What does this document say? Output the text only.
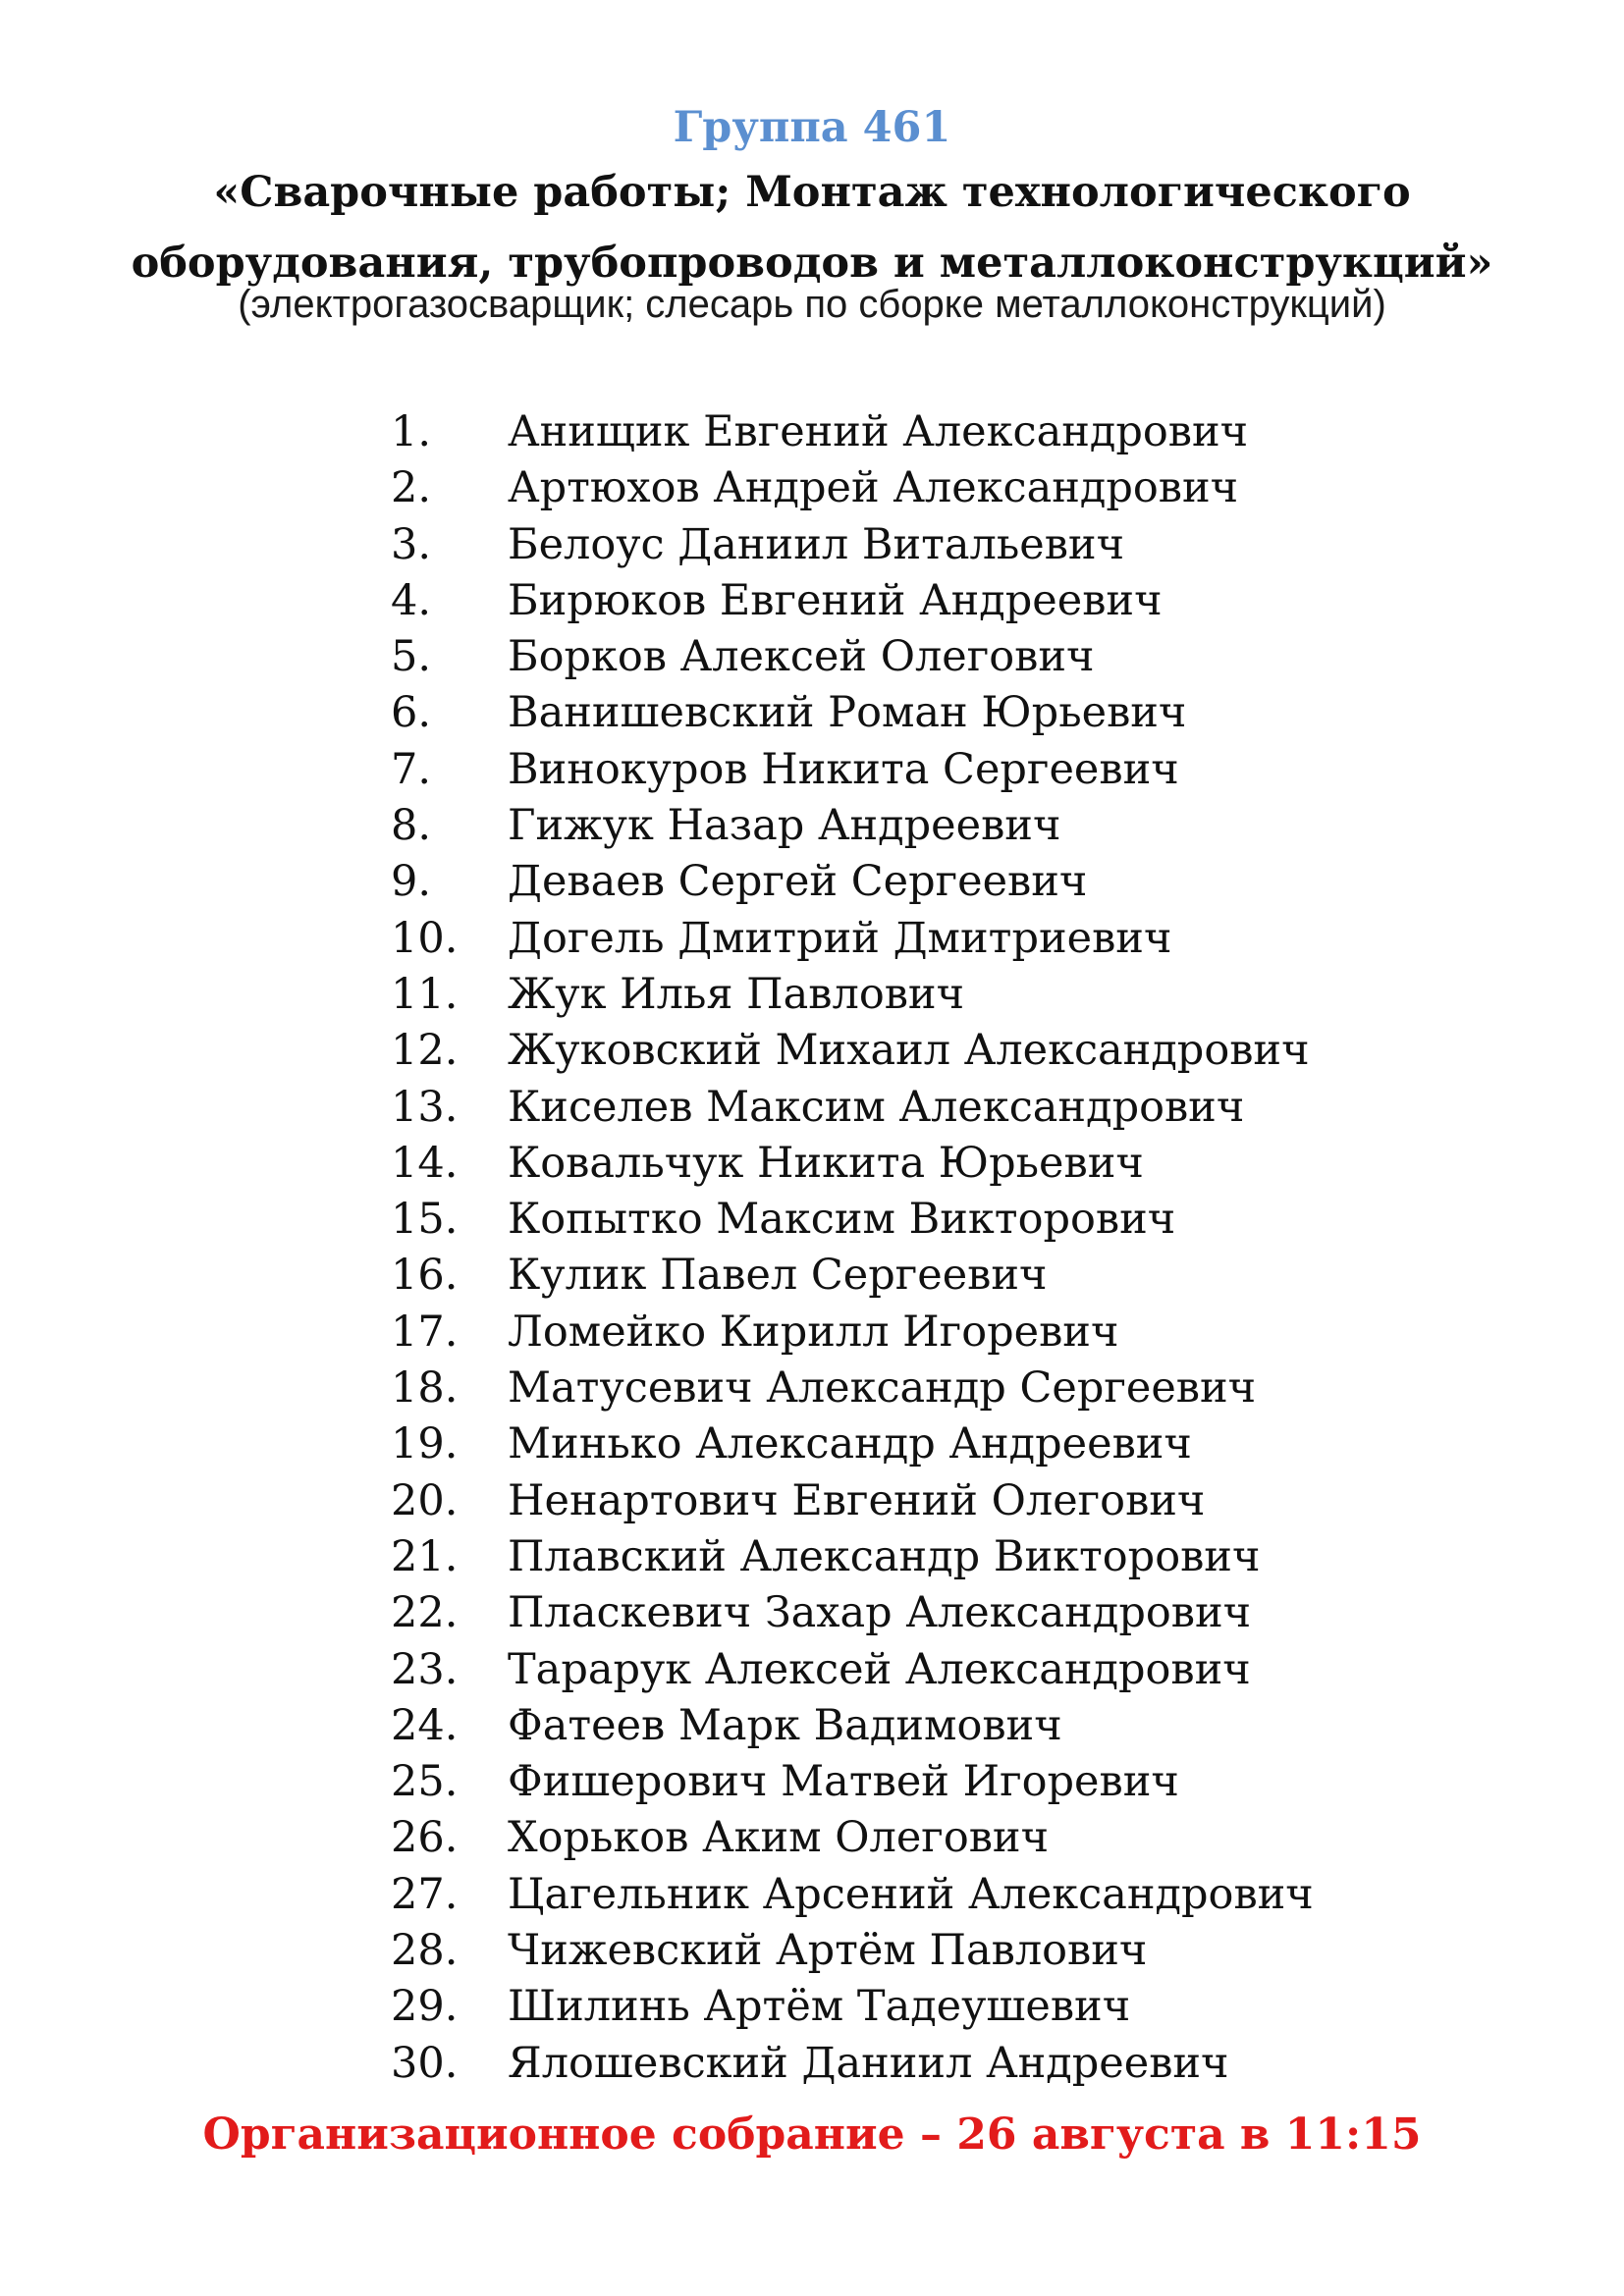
Группа 461
«Сварочные работы; Монтаж технологического оборудования, трубопроводов и металлоконструкций»
(электрогазосварщик; слесарь по сборке металлоконструкций)
1. Анищик Евгений Александрович
2. Артюхов Андрей Александрович
3. Белоус Даниил Витальевич
4. Бирюков Евгений Андреевич
5. Борков Алексей Олегович
6. Ванишевский Роман Юрьевич
7. Винокуров Никита Сергеевич
8. Гижук Назар Андреевич
9. Деваев Сергей Сергеевич
10. Догель Дмитрий Дмитриевич
11. Жук Илья Павлович
12. Жуковский Михаил Александрович
13. Киселев Максим Александрович
14. Ковальчук Никита Юрьевич
15. Копытко Максим Викторович
16. Кулик Павел Сергеевич
17. Ломейко Кирилл Игоревич
18. Матусевич Александр Сергеевич
19. Минько Александр Андреевич
20. Ненартович Евгений Олегович
21. Плавский Александр Викторович
22. Пласкевич Захар Александрович
23. Тарарук Алексей Александрович
24. Фатеев Марк Вадимович
25. Фишерович Матвей Игоревич
26. Хорьков Аким Олегович
27. Цагельник Арсений Александрович
28. Чижевский Артём Павлович
29. Шилинь Артём Тадеушевич
30. Ялошевский Даниил Андреевич
Организационное собрание – 26 августа в 11:15
